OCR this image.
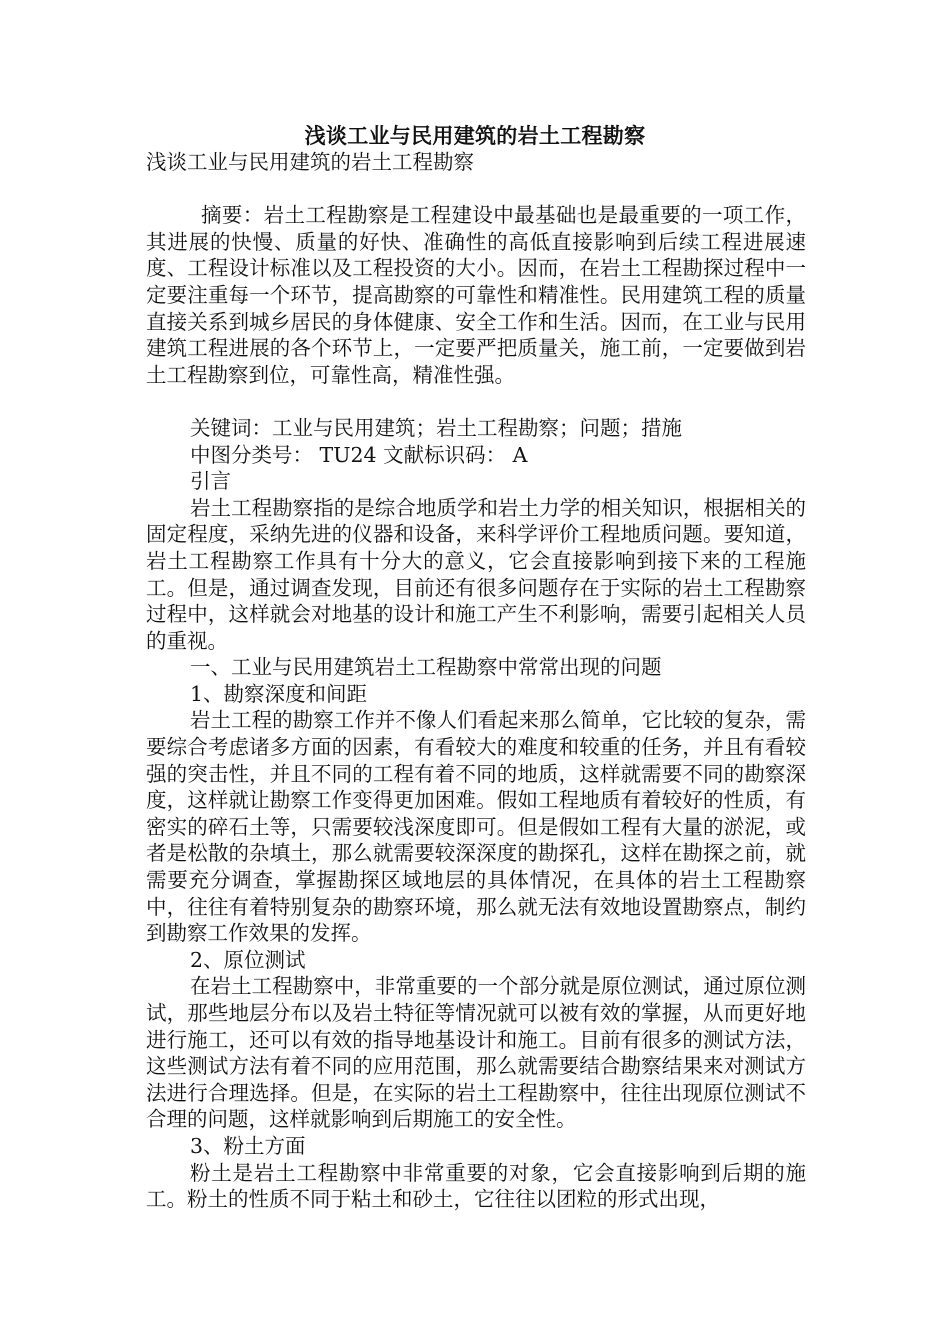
浅谈工业与民用建筑的岩土工程勘察

浅谈工业与民用建筑的岩土工程勘察

摘要：岩土工程勘察是工程建设中最基础也是最重要的一项工作，其进展的快慢、质量的好快、准确性的高低直接影响到后续工程进展速度、工程设计标准以及工程投资的大小。因而，在岩土工程勘探过程中一定要注重每一个环节，提高勘察的可靠性和精准性。民用建筑工程的质量直接关系到城乡居民的身体健康、安全工作和生活。因而，在工业与民用建筑工程进展的各个环节上，一定要严把质量关，施工前，一定要做到岩土工程勘察到位，可靠性高，精准性强。

关键词：工业与民用建筑；岩土工程勘察；问题；措施

中图分类号： TU24 文献标识码： A

引言

岩土工程勘察指的是综合地质学和岩土力学的相关知识，根据相关的固定程度，采纳先进的仪器和设备，来科学评价工程地质问题。要知道，岩土工程勘察工作具有十分大的意义，它会直接影响到接下来的工程施工。但是，通过调查发现，目前还有很多问题存在于实际的岩土工程勘察过程中，这样就会对地基的设计和施工产生不利影响，需要引起相关人员的重视。

一、工业与民用建筑岩土工程勘察中常常出现的问题

1、勘察深度和间距

岩土工程的勘察工作并不像人们看起来那么简单，它比较的复杂，需要综合考虑诸多方面的因素，有看较大的难度和较重的任务，并且有看较强的突击性，并且不同的工程有着不同的地质，这样就需要不同的勘察深度，这样就让勘察工作变得更加困难。假如工程地质有着较好的性质，有密实的碎石土等，只需要较浅深度即可。但是假如工程有大量的淤泥，或者是松散的杂填土，那么就需要较深深度的勘探孔，这样在勘探之前，就需要充分调查，掌握勘探区域地层的具体情况，在具体的岩土工程勘察中，往往有着特别复杂的勘察环境，那么就无法有效地设置勘察点，制约到勘察工作效果的发挥。

2、原位测试

在岩土工程勘察中，非常重要的一个部分就是原位测试，通过原位测试，那些地层分布以及岩土特征等情况就可以被有效的掌握，从而更好地进行施工，还可以有效的指导地基设计和施工。目前有很多的测试方法，这些测试方法有着不同的应用范围，那么就需要结合勘察结果来对测试方法进行合理选择。但是，在实际的岩土工程勘察中，往往出现原位测试不合理的问题，这样就影响到后期施工的安全性。

3、粉土方面

粉土是岩土工程勘察中非常重要的对象，它会直接影响到后期的施工。粉土的性质不同于粘土和砂土，它往往以团粒的形式出现，
